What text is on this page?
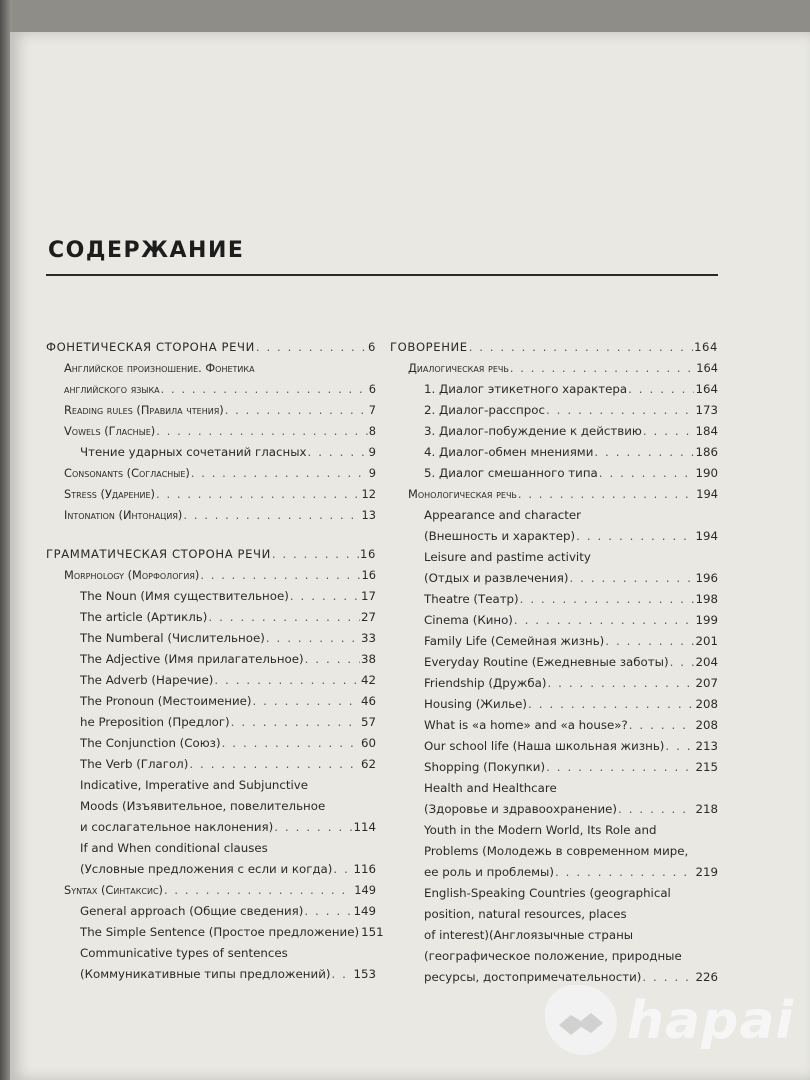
СОДЕРЖАНИЕ
ФОНЕТИЧЕСКАЯ СТОРОНА РЕЧИ . . .	6
Английское произношение. Фонетика
английского языка . . .	6
Reading rules (Правила чтения) . . .	7
Vowels (Гласные) . . .	8
Чтение ударных сочетаний гласных . . .	9
Consonants (Согласные) . . .	9
Stress (Ударение) . . .	12
Intonation (Интонация) . . .	13
ГРАММАТИЧЕСКАЯ СТОРОНА РЕЧИ . . .	16
Morphology (Морфология) . . .	16
The Noun (Имя существительное) . . .	17
The article (Артикль) . . .	27
The Numberal (Числительное) . . .	33
The Adjective (Имя прилагательное) . . .	38
The Adverb (Наречие) . . .	42
The Pronoun (Местоимение) . . .	46
he Preposition (Предлог) . . .	57
The Conjunction (Союз) . . .	60
The Verb (Глагол) . . .	62
Indicative, Imperative and Subjunctive
Moods (Изъявительное, повелительное
и сослагательное наклонения) . . .	114
If and When conditional clauses
(Условные предложения с если и когда) . . . 116
Syntax (Синтаксис) . . .	149
General approach (Общие сведения) . . .	149
The Simple Sentence (Простое предложение) 151
Communicative types of sentences
(Коммуникативные типы предложений) . . . 153
ГОВОРЕНИЕ . . .	164
Диалогическая речь . . .	164
1. Диалог этикетного характера . . .	164
2. Диалог-расспрос . . .	173
3. Диалог-побуждение к действию . . .	184
4. Диалог-обмен мнениями . . .	186
5. Диалог смешанного типа . . .	190
Монологическая речь . . .	194
Appearance and character
(Внешность и характер) . . .	194
Leisure and pastime activity
(Отдых и развлечения) . . .	196
Theatre (Театр) . . .	198
Cinema (Кино) . . .	199
Family Life (Семейная жизнь) . . .	201
Everyday Routine (Ежедневные заботы) . . . 204
Friendship (Дружба) . . .	207
Housing (Жилье) . . .	208
What is «a home» and «a house»? . . .	208
Our school life (Наша школьная жизнь) . . .	213
Shopping (Покупки) . . .	215
Health and Healthcare
(Здоровье и здравоохранение) . . .	218
Youth in the Modern World, Its Role and
Problems (Молодежь в современном мире,
ее роль и проблемы) . . .	219
English-Speaking Countries (geographical
position, natural resources, places
of interest)(Англоязычные страны
(географическое положение, природные
ресурсы, достопримечательности) . . .	226
hapai
